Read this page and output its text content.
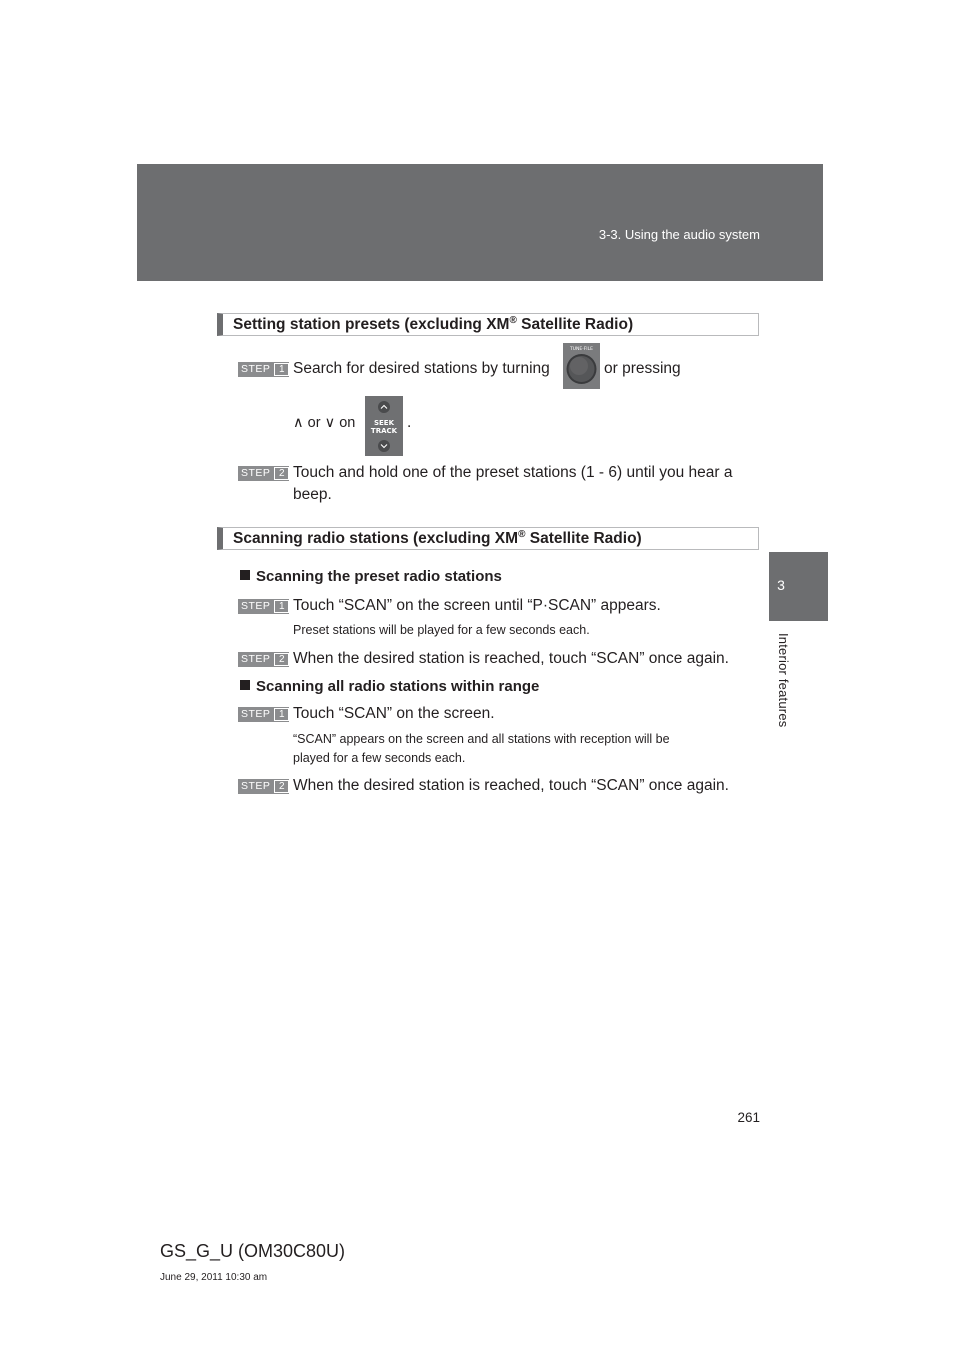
3-3. Using the audio system
3
Interior features
Setting station presets (excluding XM® Satellite Radio)
STEP 1 Search for desired stations by turning
TUNE·FILE
or pressing
∧ or ∨ on	SEEK
TRACK .
STEP 2 Touch and hold one of the preset stations (1 - 6) until you hear a
beep.
Scanning radio stations (excluding XM® Satellite Radio)
Scanning the preset radio stations
STEP 1 Touch “SCAN” on the screen until “P·SCAN” appears.
Preset stations will be played for a few seconds each.
STEP 2 When the desired station is reached, touch “SCAN” once again.
Scanning all radio stations within range
STEP 1 Touch “SCAN” on the screen.
“SCAN” appears on the screen and all stations with reception will be
played for a few seconds each.
STEP 2 When the desired station is reached, touch “SCAN” once again.
261
GS_G_U (OM30C80U)
June 29, 2011 10:30 am
